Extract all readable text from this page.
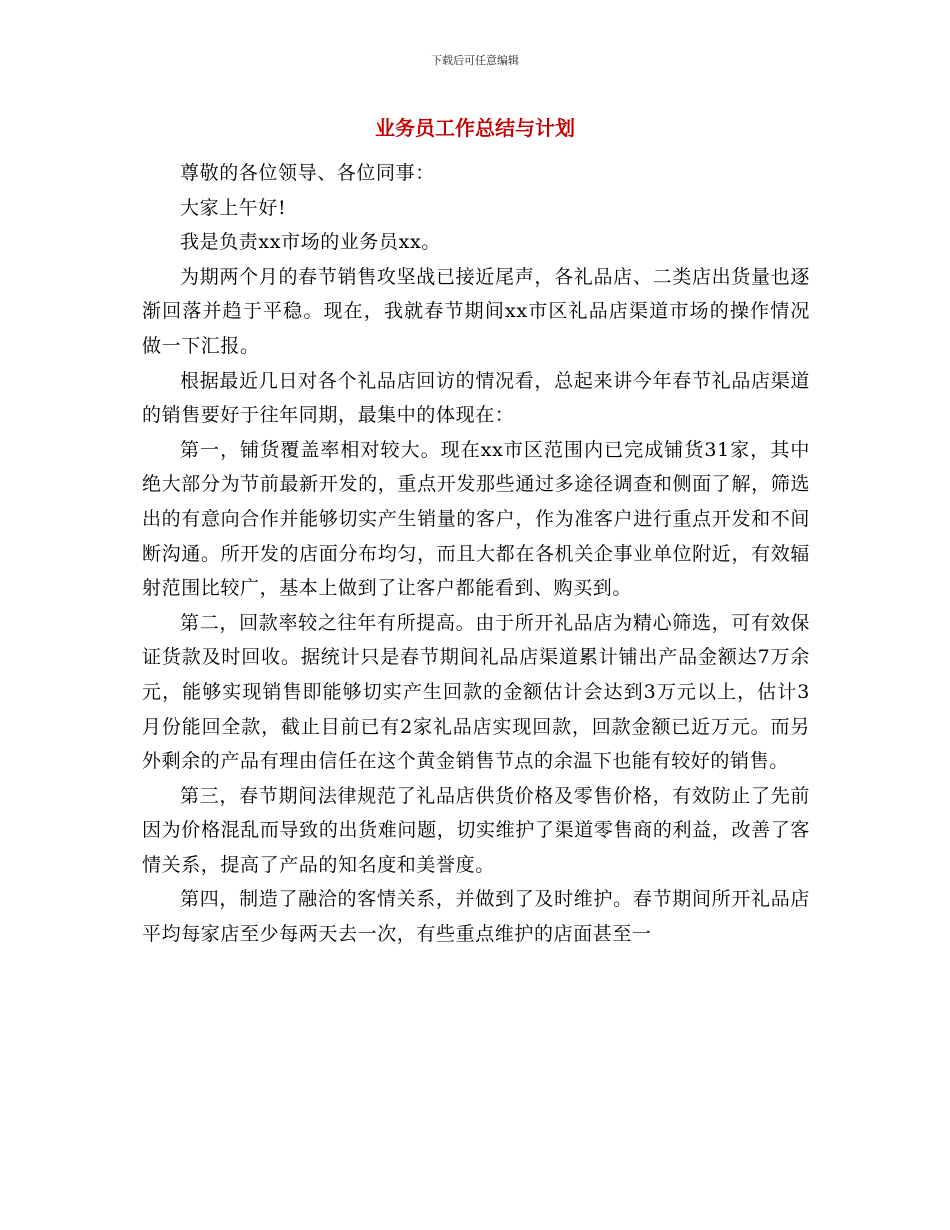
下载后可任意编辑
业务员工作总结与计划

尊敬的各位领导、各位同事：

大家上午好!

我是负责xx市场的业务员xx。

为期两个月的春节销售攻坚战已接近尾声，各礼品店、二类店出货量也逐渐回落并趋于平稳。现在，我就春节期间xx市区礼品店渠道市场的操作情况做一下汇报。

根据最近几日对各个礼品店回访的情况看，总起来讲今年春节礼品店渠道的销售要好于往年同期，最集中的体现在：

第一，铺货覆盖率相对较大。现在xx市区范围内已完成铺货31家，其中绝大部分为节前最新开发的，重点开发那些通过多途径调查和侧面了解，筛选出的有意向合作并能够切实产生销量的客户，作为准客户进行重点开发和不间断沟通。所开发的店面分布均匀，而且大都在各机关企事业单位附近，有效辐射范围比较广，基本上做到了让客户都能看到、购买到。

第二，回款率较之往年有所提高。由于所开礼品店为精心筛选，可有效保证货款及时回收。据统计只是春节期间礼品店渠道累计铺出产品金额达7万余元，能够实现销售即能够切实产生回款的金额估计会达到3万元以上，估计3月份能回全款，截止目前已有2家礼品店实现回款，回款金额已近万元。而另外剩余的产品有理由信任在这个黄金销售节点的余温下也能有较好的销售。

第三，春节期间法律规范了礼品店供货价格及零售价格，有效防止了先前因为价格混乱而导致的出货难问题，切实维护了渠道零售商的利益，改善了客情关系，提高了产品的知名度和美誉度。

第四，制造了融洽的客情关系，并做到了及时维护。春节期间所开礼品店平均每家店至少每两天去一次，有些重点维护的店面甚至一
